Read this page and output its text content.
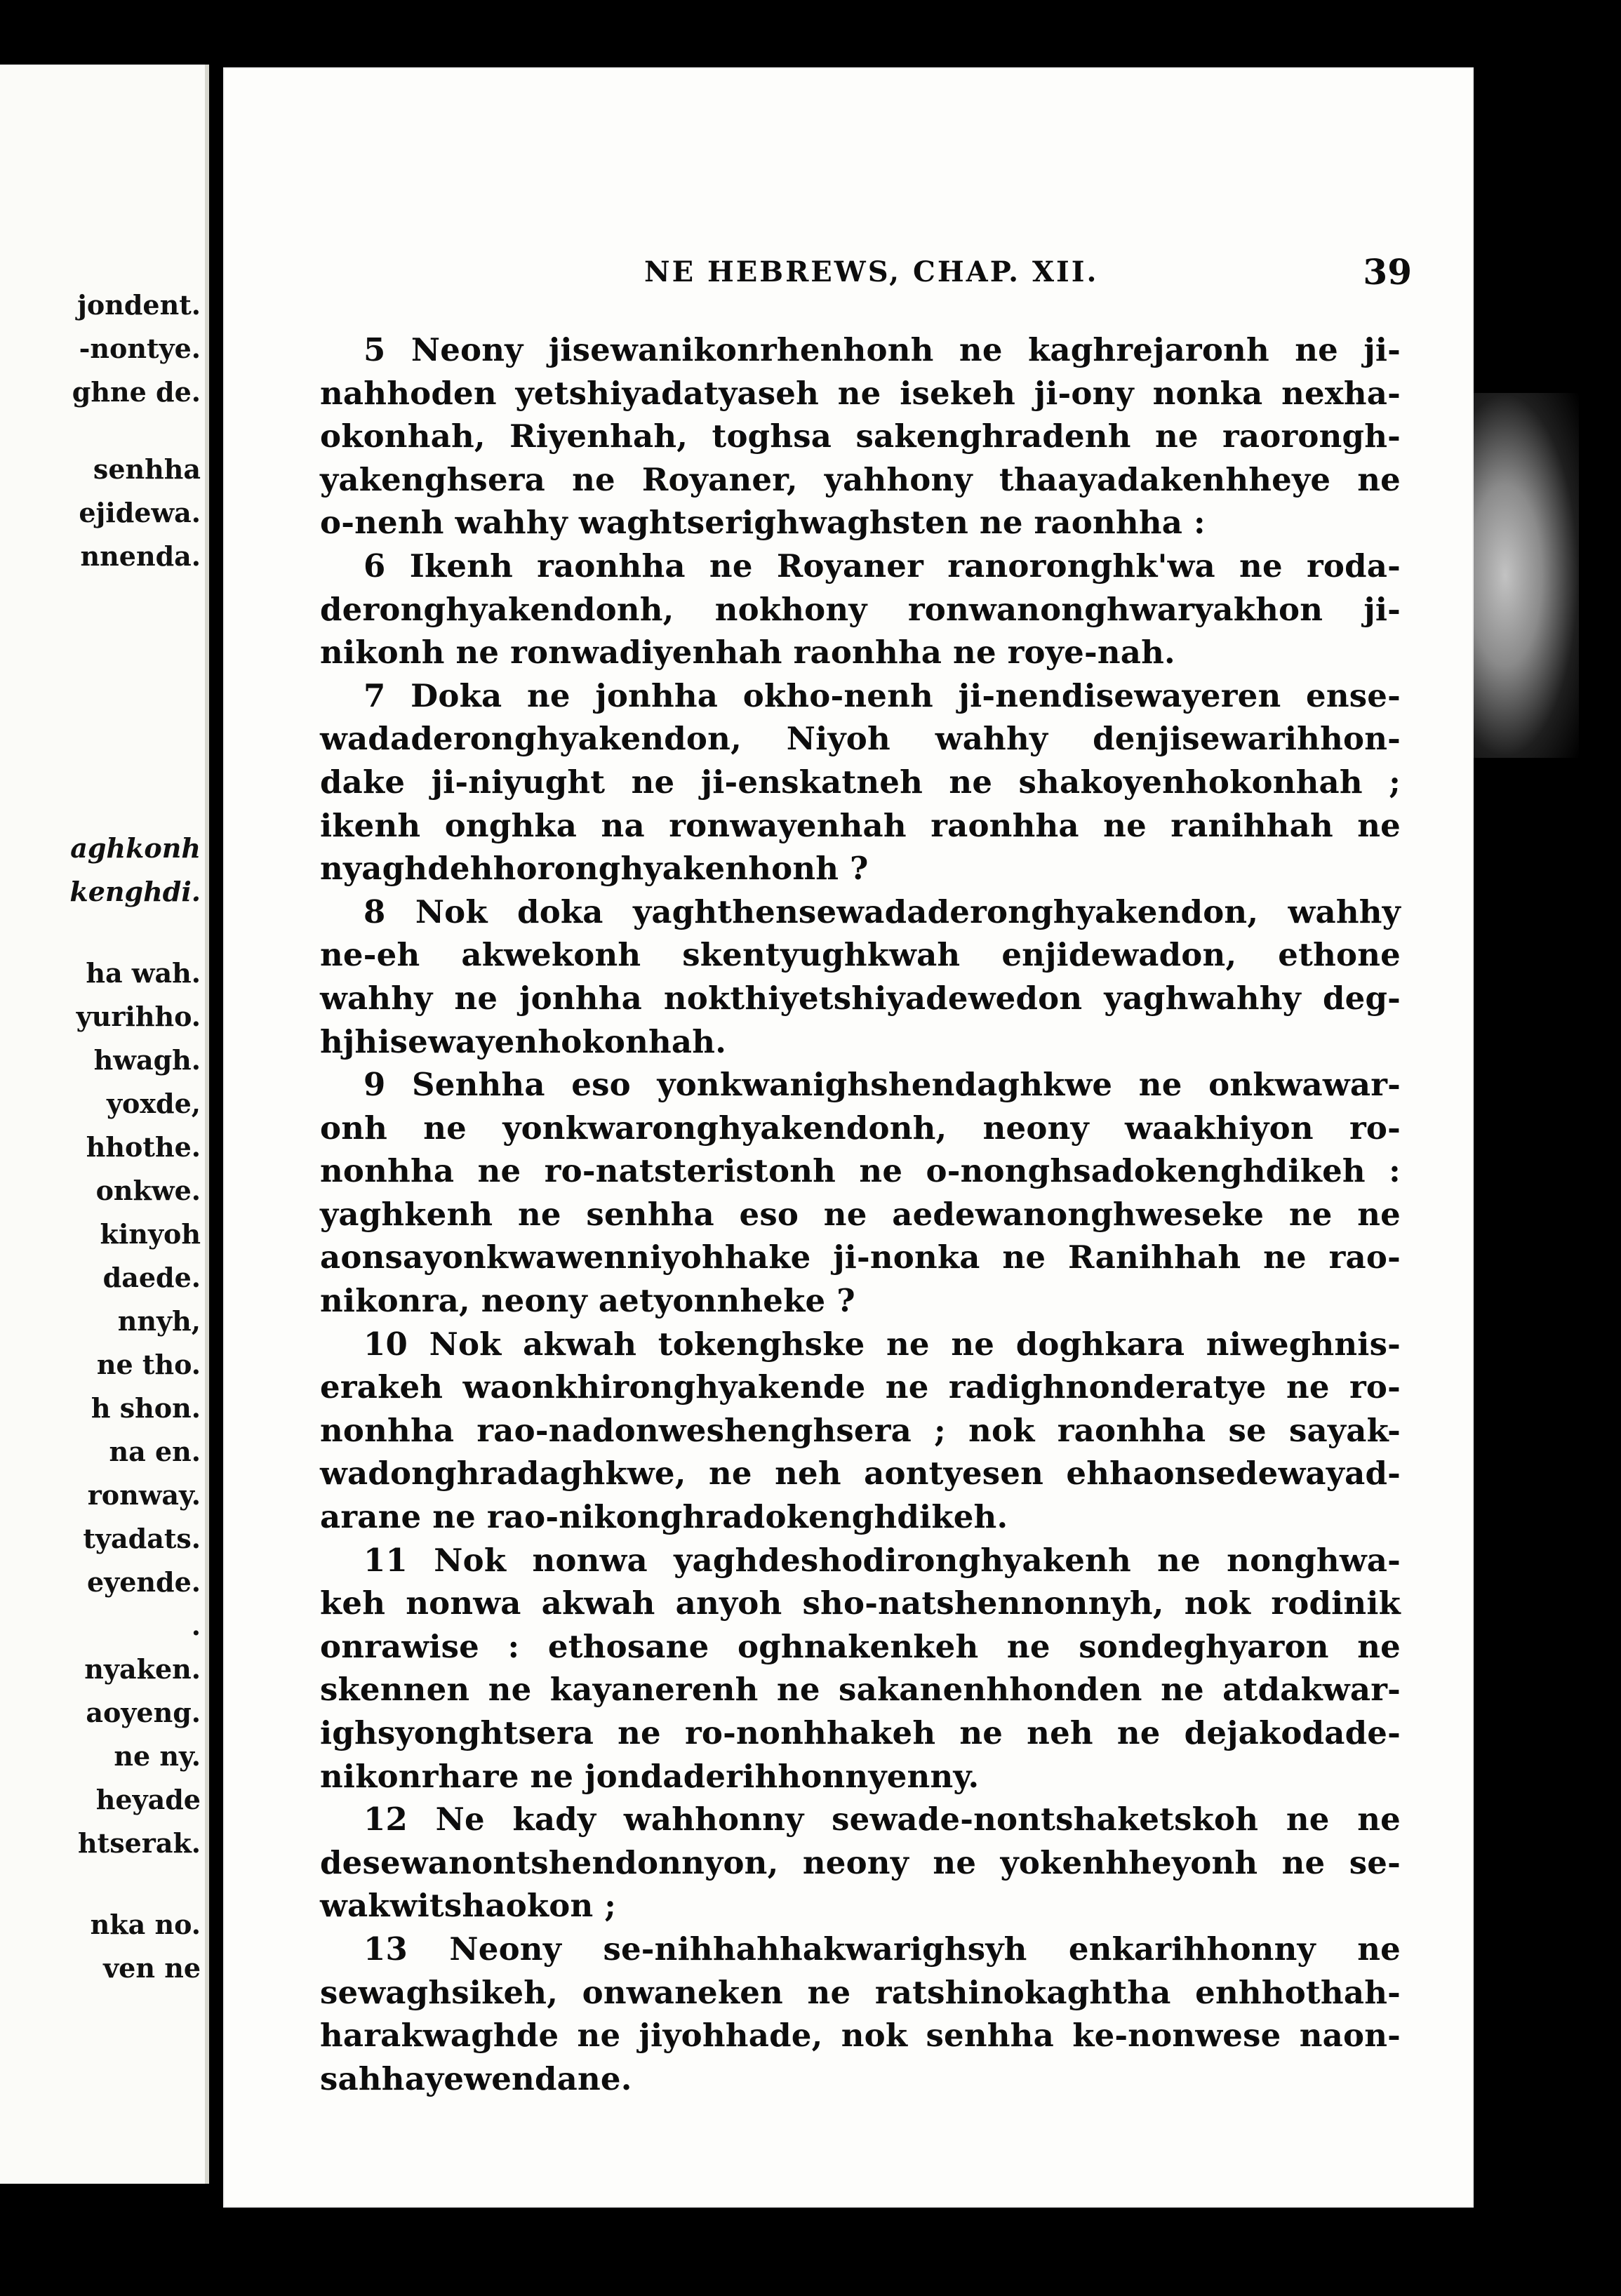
jondent.
-nontye.
ghne de.
senhha
ejidewa.
nnenda.
aghkonh
kenghdi.
ha wah.
yurihho.
hwagh.
yoxde,
hhothe.
onkwe.
kinyoh
daede.
nnyh,
ne tho.
h shon.
na en.
ronway.
tyadats.
eyende.
.
nyaken.
aoyeng.
ne ny.
heyade
htserak.
nka no.
ven ne
NE HEBREWS, CHAP. XII.	39
5 Neony jisewanikonrhenhonh ne kaghrejaronh ne ji-
nahhoden yetshiyadatyaseh ne isekeh ji-ony nonka nexha-
okonhah, Riyenhah, toghsa sakenghradenh ne raorongh-
yakenghsera ne Royaner, yahhony thaayadakenhheye ne
o-nenh wahhy waghtserighwaghsten ne raonhha :
6 Ikenh raonhha ne Royaner ranoronghk'wa ne roda-
deronghyakendonh, nokhony ronwanonghwaryakhon ji-
nikonh ne ronwadiyenhah raonhha ne roye-nah.
7 Doka ne jonhha okho-nenh ji-nendisewayeren ense-
wadaderonghyakendon, Niyoh wahhy denjisewarihhon-
dake ji-niyught ne ji-enskatneh ne shakoyenhokonhah ;
ikenh onghka na ronwayenhah raonhha ne ranihhah ne
nyaghdehhoronghyakenhonh ?
8 Nok doka yaghthensewadaderonghyakendon, wahhy
ne-eh akwekonh skentyughkwah enjidewadon, ethone
wahhy ne jonhha nokthiyetshiyadewedon yaghwahhy deg-
hjhisewayenhokonhah.
9 Senhha eso yonkwanighshendaghkwe ne onkwawar-
onh ne yonkwaronghyakendonh, neony waakhiyon ro-
nonhha ne ro-natsteristonh ne o-nonghsadokenghdikeh :
yaghkenh ne senhha eso ne aedewanonghweseke ne ne
aonsayonkwawenniyohhake ji-nonka ne Ranihhah ne rao-
nikonra, neony aetyonnheke ?
10 Nok akwah tokenghske ne ne doghkara niweghnis-
erakeh waonkhironghyakende ne radighnonderatye ne ro-
nonhha rao-nadonweshenghsera ; nok raonhha se sayak-
wadonghradaghkwe, ne neh aontyesen ehhaonsedewayad-
arane ne rao-nikonghradokenghdikeh.
11 Nok nonwa yaghdeshodironghyakenh ne nonghwa-
keh nonwa akwah anyoh sho-natshennonnyh, nok rodinik
onrawise : ethosane oghnakenkeh ne sondeghyaron ne
skennen ne kayanerenh ne sakanenhhonden ne atdakwar-
ighsyonghtsera ne ro-nonhhakeh ne neh ne dejakodade-
nikonrhare ne jondaderihhonnyenny.
12 Ne kady wahhonny sewade-nontshaketskoh ne ne
desewanontshendonnyon, neony ne yokenhheyonh ne se-
wakwitshaokon ;
13 Neony se-nihhahhakwarighsyh enkarihhonny ne
sewaghsikeh, onwaneken ne ratshinokaghtha enhhothah-
harakwaghde ne jiyohhade, nok senhha ke-nonwese naon-
sahhayewendane.
